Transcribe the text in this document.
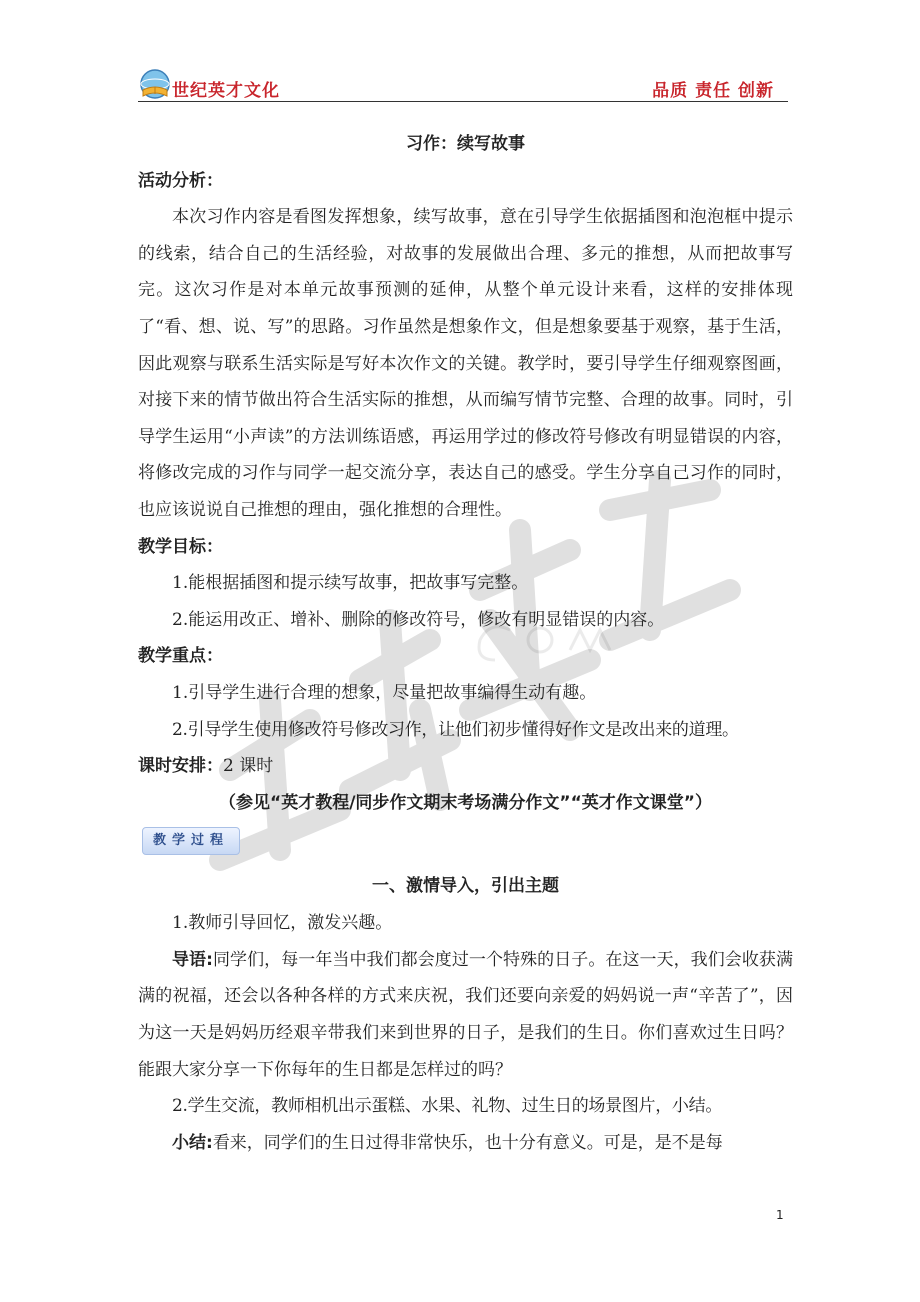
世纪英才文化	品质 责任 创新
习作：续写故事
活动分析：

本次习作内容是看图发挥想象，续写故事，意在引导学生依据插图和泡泡框中提示的线索，结合自己的生活经验，对故事的发展做出合理、多元的推想，从而把故事写完。这次习作是对本单元故事预测的延伸，从整个单元设计来看，这样的安排体现了“看、想、说、写”的思路。习作虽然是想象作文，但是想象要基于观察，基于生活，因此观察与联系生活实际是写好本次作文的关键。教学时，要引导学生仔细观察图画，对接下来的情节做出符合生活实际的推想，从而编写情节完整、合理的故事。同时，引导学生运用“小声读”的方法训练语感，再运用学过的修改符号修改有明显错误的内容，将修改完成的习作与同学一起交流分享，表达自己的感受。学生分享自己习作的同时，也应该说说自己推想的理由，强化推想的合理性。

教学目标：
1.能根据插图和提示续写故事，把故事写完整。
2.能运用改正、增补、删除的修改符号，修改有明显错误的内容。
教学重点：
1.引导学生进行合理的想象，尽量把故事编得生动有趣。
2.引导学生使用修改符号修改习作，让他们初步懂得好作文是改出来的道理。
课时安排：2 课时
（参见“英才教程/同步作文期末考场满分作文”“英才作文课堂”）
教学过程
一、激情导入，引出主题
1.教师引导回忆，激发兴趣。

导语:同学们，每一年当中我们都会度过一个特殊的日子。在这一天，我们会收获满满的祝福，还会以各种各样的方式来庆祝，我们还要向亲爱的妈妈说一声“辛苦了”，因为这一天是妈妈历经艰辛带我们来到世界的日子，是我们的生日。你们喜欢过生日吗？能跟大家分享一下你每年的生日都是怎样过的吗？

2.学生交流，教师相机出示蛋糕、水果、礼物、过生日的场景图片，小结。

小结:看来，同学们的生日过得非常快乐，也十分有意义。可是，是不是每

1
